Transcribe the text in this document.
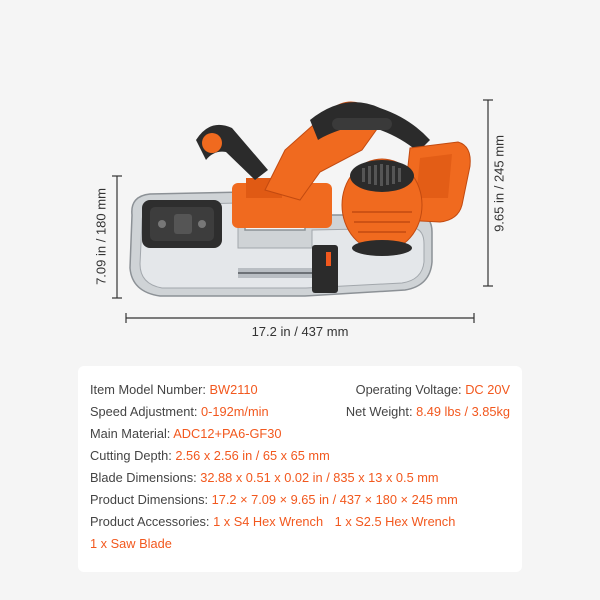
7.09 in / 180 mm
9.65 in / 245 mm
17.2 in / 437 mm
Item Model Number: BW2110	Operating Voltage: DC 20V
Speed Adjustment: 0-192m/min	Net Weight: 8.49 lbs / 3.85kg
Main Material: ADC12+PA6-GF30
Cutting Depth: 2.56 x 2.56 in / 65 x 65 mm
Blade Dimensions: 32.88 x 0.51 x 0.02 in / 835 x 13 x 0.5 mm
Product Dimensions: 17.2 × 7.09 × 9.65 in / 437 × 180 × 245 mm
Product Accessories: 1 x S4 Hex Wrench 1 x S2.5 Hex Wrench
1 x Saw Blade
